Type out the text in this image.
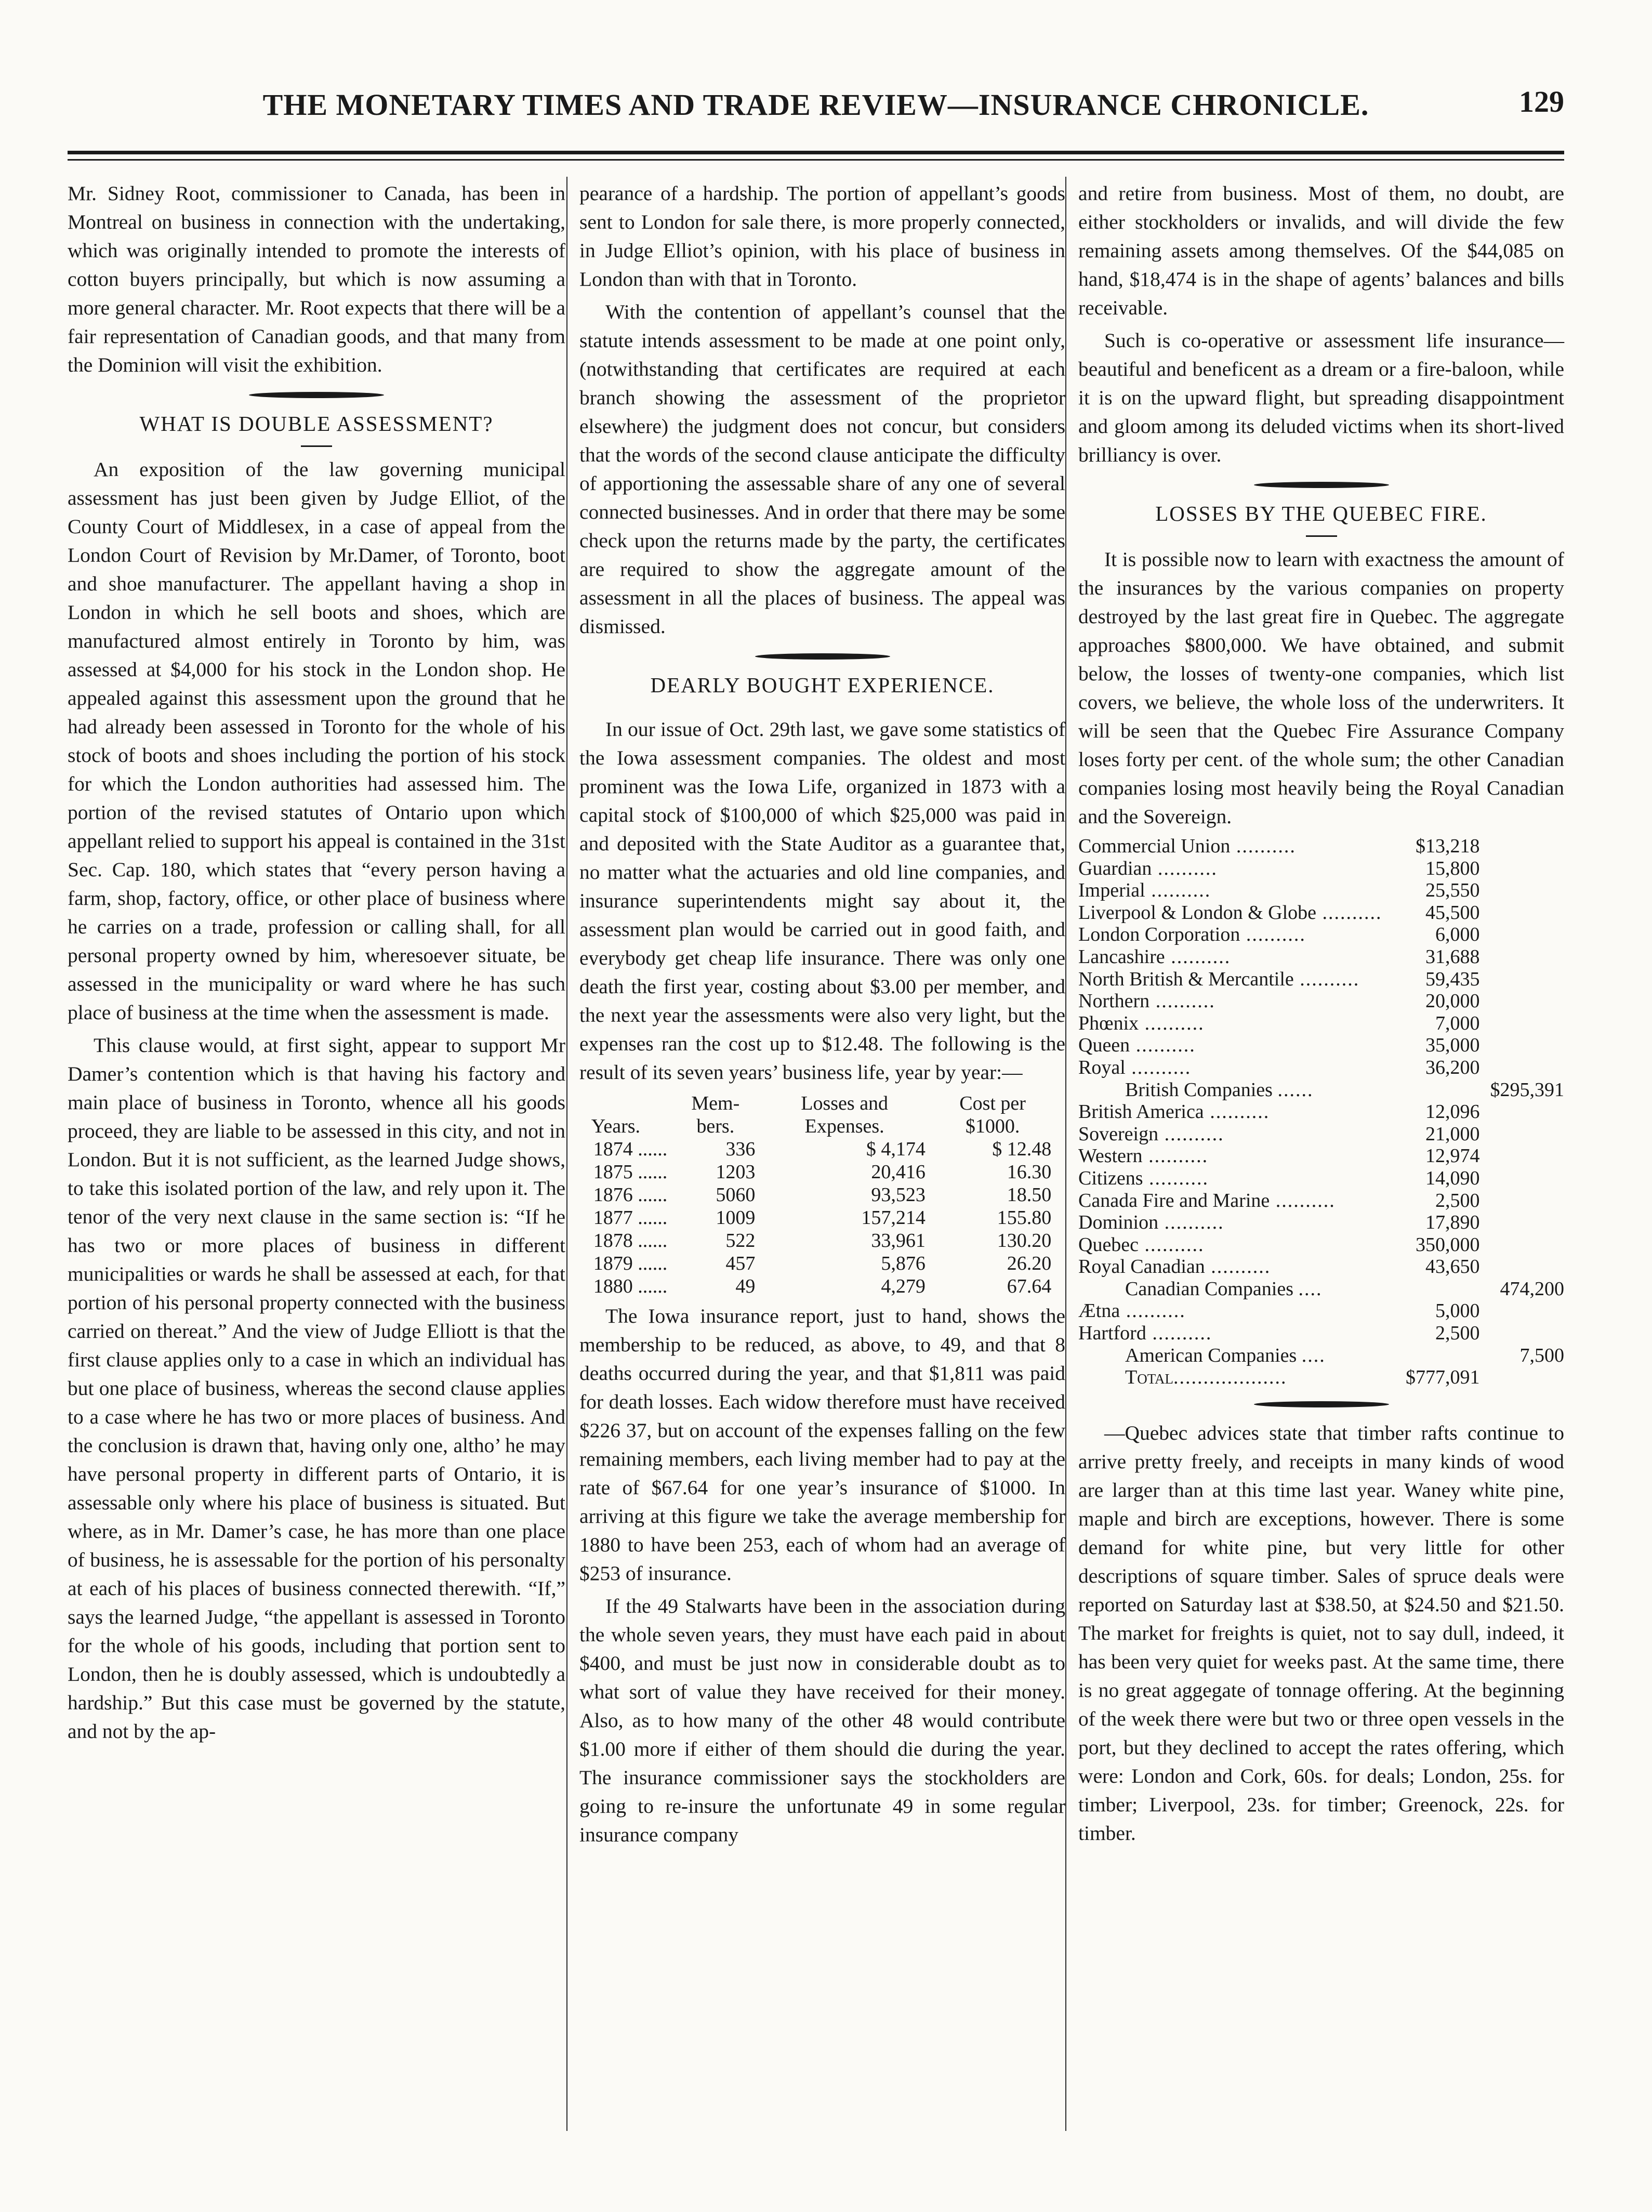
THE MONETARY TIMES AND TRADE REVIEW—INSURANCE CHRONICLE.	129

Mr. Sidney Root, commissioner to Canada, has been in Montreal on business in connection with the undertaking, which was originally intended to promote the interests of cotton buyers principally, but which is now assuming a more general character. Mr. Root expects that there will be a fair representation of Canadian goods, and that many from the Dominion will visit the exhibition.

WHAT IS DOUBLE ASSESSMENT?

An exposition of the law governing municipal assessment has just been given by Judge Elliot, of the County Court of Middlesex, in a case of appeal from the London Court of Revision by Mr.Damer, of Toronto, boot and shoe manufacturer. The appellant having a shop in London in which he sell boots and shoes, which are manufactured almost entirely in Toronto by him, was assessed at $4,000 for his stock in the London shop. He appealed against this assessment upon the ground that he had already been assessed in Toronto for the whole of his stock of boots and shoes including the portion of his stock for which the London authorities had assessed him. The portion of the revised statutes of Ontario upon which appellant relied to support his appeal is contained in the 31st Sec. Cap. 180, which states that “every person having a farm, shop, factory, office, or other place of business where he carries on a trade, profession or calling shall, for all personal property owned by him, wheresoever situate, be assessed in the municipality or ward where he has such place of business at the time when the assessment is made.

This clause would, at first sight, appear to support Mr Damer’s contention which is that having his factory and main place of business in Toronto, whence all his goods proceed, they are liable to be assessed in this city, and not in London. But it is not sufficient, as the learned Judge shows, to take this isolated portion of the law, and rely upon it. The tenor of the very next clause in the same section is: “If he has two or more places of business in different municipalities or wards he shall be assessed at each, for that portion of his personal property connected with the business carried on thereat.” And the view of Judge Elliott is that the first clause applies only to a case in which an individual has but one place of business, whereas the second clause applies to a case where he has two or more places of business. And the conclusion is drawn that, having only one, altho’ he may have personal property in different parts of Ontario, it is assessable only where his place of business is situated. But where, as in Mr. Damer’s case, he has more than one place of business, he is assessable for the portion of his personalty at each of his places of business connected therewith. “If,” says the learned Judge, “the appellant is assessed in Toronto for the whole of his goods, including that portion sent to London, then he is doubly assessed, which is undoubtedly a hardship.” But this case must be governed by the statute, and not by the ap-

pearance of a hardship. The portion of appellant’s goods sent to London for sale there, is more properly connected, in Judge Elliot’s opinion, with his place of business in London than with that in Toronto.

With the contention of appellant’s counsel that the statute intends assessment to be made at one point only, (notwithstanding that certificates are required at each branch showing the assessment of the proprietor elsewhere) the judgment does not concur, but considers that the words of the second clause anticipate the difficulty of apportioning the assessable share of any one of several connected businesses. And in order that there may be some check upon the returns made by the party, the certificates are required to show the aggregate amount of the assessment in all the places of business. The appeal was dismissed.

DEARLY BOUGHT EXPERIENCE.

In our issue of Oct. 29th last, we gave some statistics of the Iowa assessment companies. The oldest and most prominent was the Iowa Life, organized in 1873 with a capital stock of $100,000 of which $25,000 was paid in and deposited with the State Auditor as a guarantee that, no matter what the actuaries and old line companies, and insurance superintendents might say about it, the assessment plan would be carried out in good faith, and everybody get cheap life insurance. There was only one death the first year, costing about $3.00 per member, and the next year the assessments were also very light, but the expenses ran the cost up to $12.48. The following is the result of its seven years’ business life, year by year:—

Years.	Mem-bers.	Losses and Expenses.	Cost per $1000.
1874 ......	336	$ 4,174	$ 12.48
1875 ......	1203	20,416	16.30
1876 ......	5060	93,523	18.50
1877 ......	1009	157,214	155.80
1878 ......	522	33,961	130.20
1879 ......	457	5,876	26.20
1880 ......	49	4,279	67.64

The Iowa insurance report, just to hand, shows the membership to be reduced, as above, to 49, and that 8 deaths occurred during the year, and that $1,811 was paid for death losses. Each widow therefore must have received $226 37, but on account of the expenses falling on the few remaining members, each living member had to pay at the rate of $67.64 for one year’s insurance of $1000. In arriving at this figure we take the average membership for 1880 to have been 253, each of whom had an average of $253 of insurance.

If the 49 Stalwarts have been in the association during the whole seven years, they must have each paid in about $400, and must be just now in considerable doubt as to what sort of value they have received for their money. Also, as to how many of the other 48 would contribute $1.00 more if either of them should die during the year. The insurance commissioner says the stockholders are going to re-insure the unfortunate 49 in some regular insurance company

and retire from business. Most of them, no doubt, are either stockholders or invalids, and will divide the few remaining assets among themselves. Of the $44,085 on hand, $18,474 is in the shape of agents’ balances and bills receivable.

Such is co-operative or assessment life insurance—beautiful and beneficent as a dream or a fire-baloon, while it is on the upward flight, but spreading disappointment and gloom among its deluded victims when its short-lived brilliancy is over.

LOSSES BY THE QUEBEC FIRE.

It is possible now to learn with exactness the amount of the insurances by the various companies on property destroyed by the last great fire in Quebec. The aggregate approaches $800,000. We have obtained, and submit below, the losses of twenty-one companies, which list covers, we believe, the whole loss of the underwriters. It will be seen that the Quebec Fire Assurance Company loses forty per cent. of the whole sum; the other Canadian companies losing most heavily being the Royal Canadian and the Sovereign.

Commercial Union ..........	$13,218	
Guardian ..........	15,800	
Imperial ..........	25,550	
Liverpool & London & Globe ..........	45,500	
London Corporation ..........	6,000	
Lancashire ..........	31,688	
North British & Mercantile ..........	59,435	
Northern ..........	20,000	
Phœnix ..........	7,000	
Queen ..........	35,000	
Royal ..........	36,200	
British Companies ......		$295,391
British America ..........	12,096	
Sovereign ..........	21,000	
Western ..........	12,974	
Citizens ..........	14,090	
Canada Fire and Marine ..........	2,500	
Dominion ..........	17,890	
Quebec ..........	350,000	
Royal Canadian ..........	43,650	
Canadian Companies ....		474,200
Ætna ..........	5,000	
Hartford ..........	2,500	
American Companies ....		7,500
Total...................	$777,091	

—Quebec advices state that timber rafts continue to arrive pretty freely, and receipts in many kinds of wood are larger than at this time last year. Waney white pine, maple and birch are exceptions, however. There is some demand for white pine, but very little for other descriptions of square timber. Sales of spruce deals were reported on Saturday last at $38.50, at $24.50 and $21.50. The market for freights is quiet, not to say dull, indeed, it has been very quiet for weeks past. At the same time, there is no great aggegate of tonnage offering. At the beginning of the week there were but two or three open vessels in the port, but they declined to accept the rates offering, which were: London and Cork, 60s. for deals; London, 25s. for timber; Liverpool, 23s. for timber; Greenock, 22s. for timber.
